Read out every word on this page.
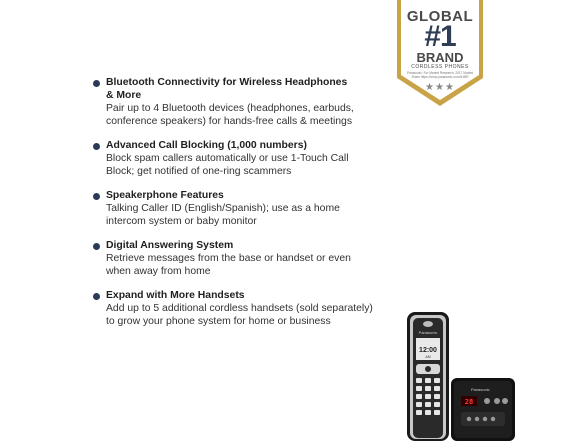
GLOBAL
#1
BRAND
CORDLESS PHONES
Panasonic: For Market Research, 2017 Market Share https://shop.panasonic.com/#1BR
★★★
Bluetooth Connectivity for Wireless Headphones
& More
Pair up to 4 Bluetooth devices (headphones, earbuds,
conference speakers) for hands-free calls & meetings
Advanced Call Blocking (1,000 numbers)
Block spam callers automatically or use 1-Touch Call
Block; get notified of one-ring scammers
Speakerphone Features
Talking Caller ID (English/Spanish); use as a home
intercom system or baby monitor
Digital Answering System
Retrieve messages from the base or handset or even
when away from home
Expand with More Handsets
Add up to 5 additional cordless handsets (sold separately)
to grow your phone system for home or business
Panasonic
12:00
AM
Panasonic
28
